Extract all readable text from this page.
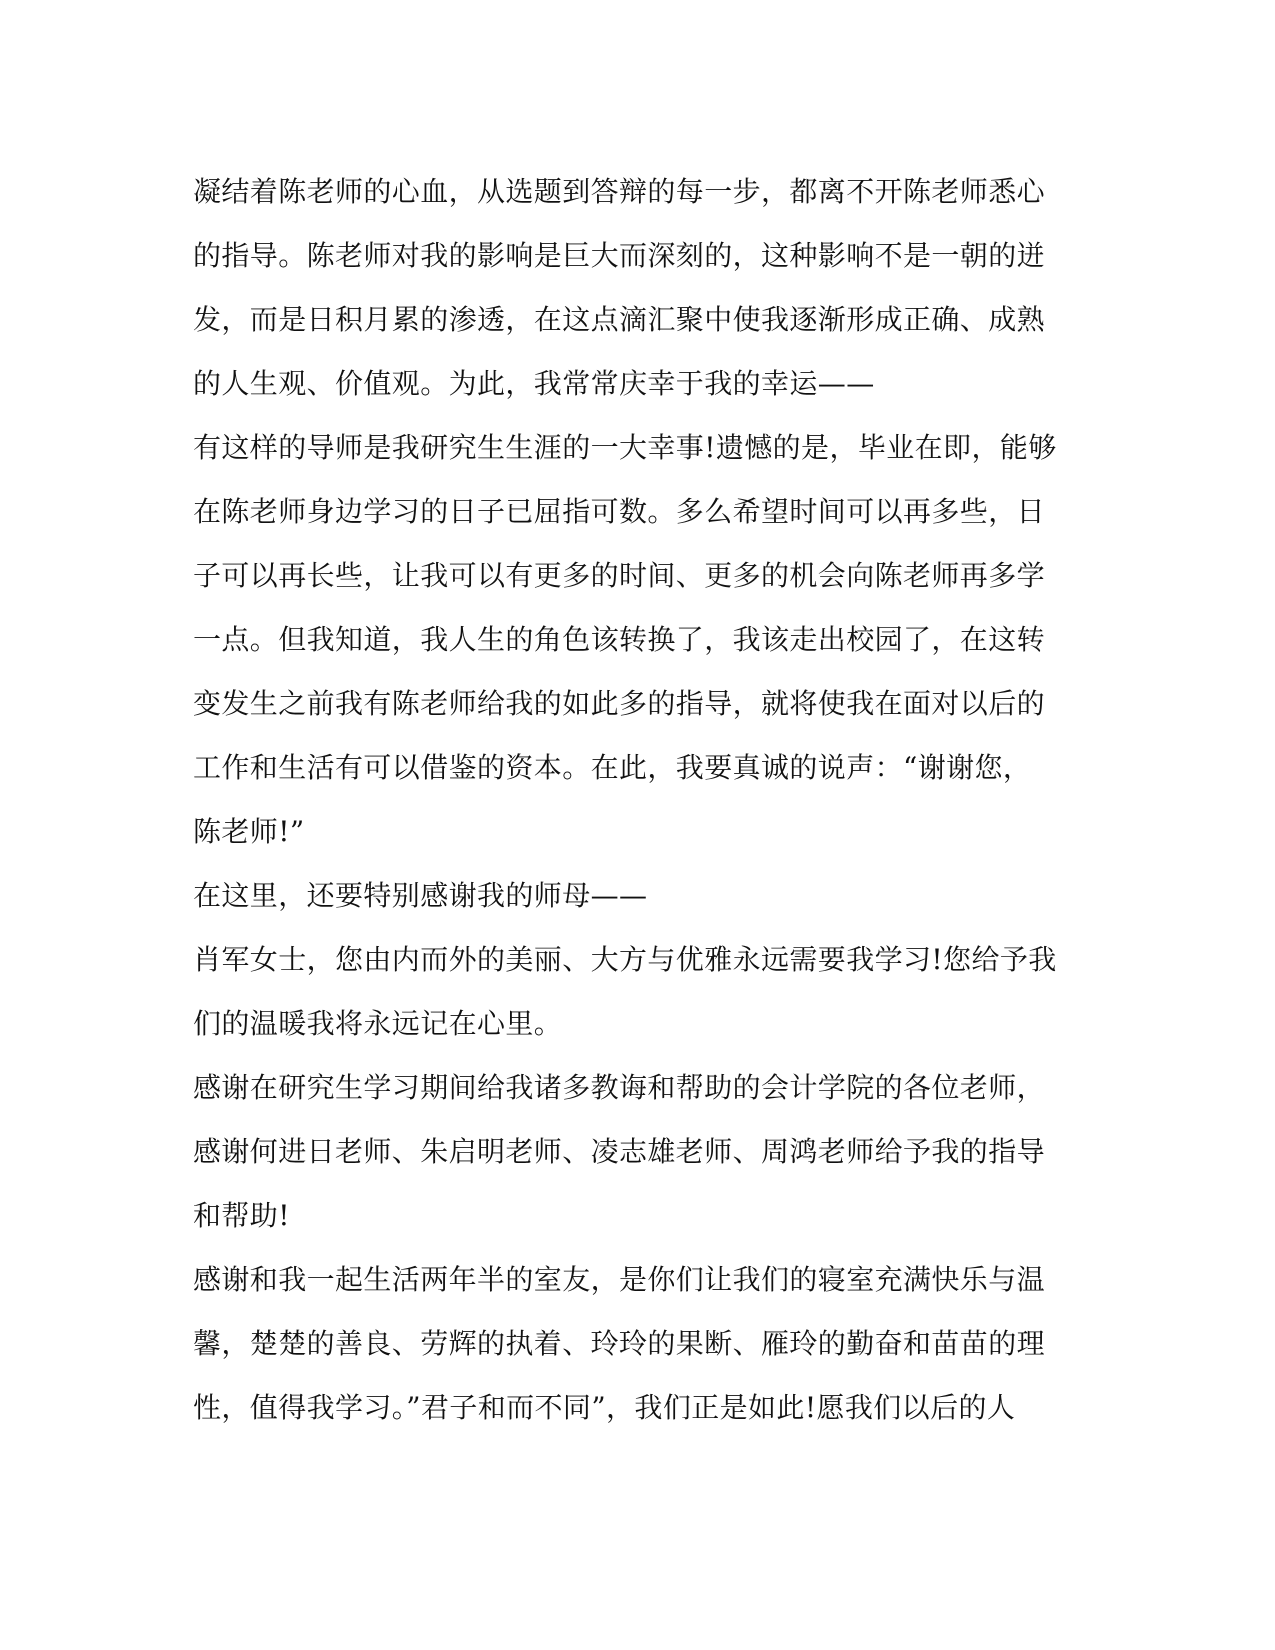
凝结着陈老师的心血，从选题到答辩的每一步，都离不开陈老师悉心
的指导。陈老师对我的影响是巨大而深刻的，这种影响不是一朝的迸
发，而是日积月累的渗透，在这点滴汇聚中使我逐渐形成正确、成熟
的人生观、价值观。为此，我常常庆幸于我的幸运——
有这样的导师是我研究生生涯的一大幸事!遗憾的是，毕业在即，能够
在陈老师身边学习的日子已屈指可数。多么希望时间可以再多些，日
子可以再长些，让我可以有更多的时间、更多的机会向陈老师再多学
一点。但我知道，我人生的角色该转换了，我该走出校园了，在这转
变发生之前我有陈老师给我的如此多的指导，就将使我在面对以后的
工作和生活有可以借鉴的资本。在此，我要真诚的说声：“谢谢您，
陈老师!”
在这里，还要特别感谢我的师母——
肖军女士，您由内而外的美丽、大方与优雅永远需要我学习!您给予我
们的温暖我将永远记在心里。
感谢在研究生学习期间给我诸多教诲和帮助的会计学院的各位老师，
感谢何进日老师、朱启明老师、凌志雄老师、周鸿老师给予我的指导
和帮助!
感谢和我一起生活两年半的室友，是你们让我们的寝室充满快乐与温
馨，楚楚的善良、劳辉的执着、玲玲的果断、雁玲的勤奋和苗苗的理
性，值得我学习。”君子和而不同”，我们正是如此!愿我们以后的人
